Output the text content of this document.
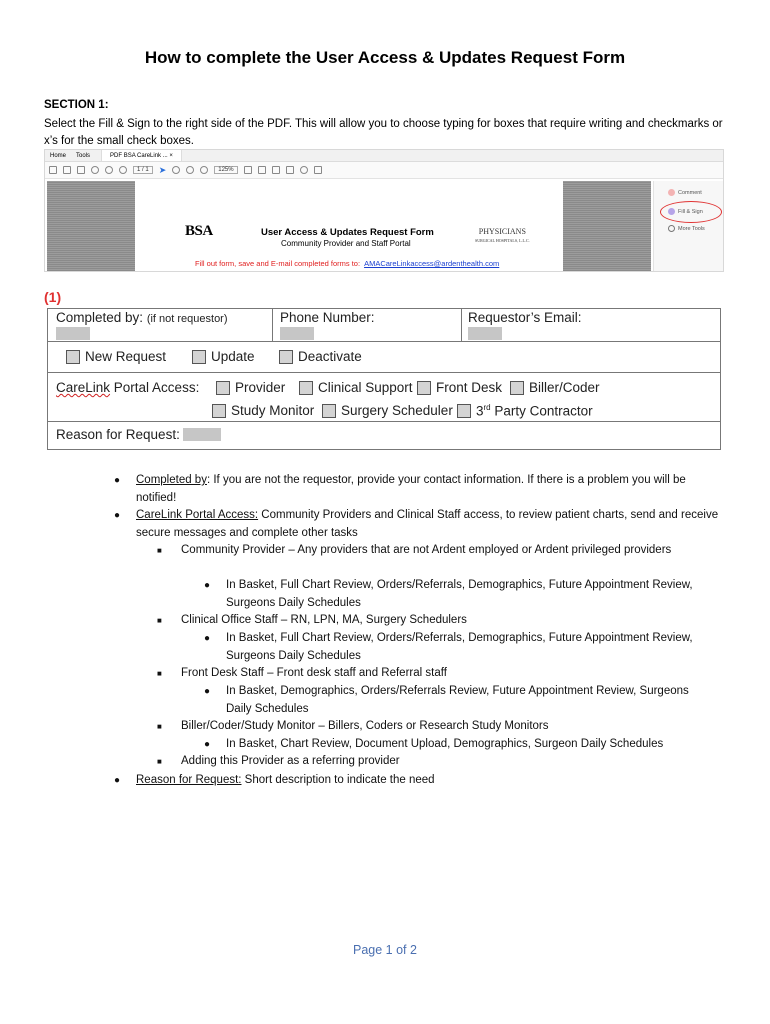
How to complete the User Access & Updates Request Form
SECTION 1:
Select the Fill & Sign to the right side of the PDF. This will allow you to choose typing for boxes that require writing and checkmarks or x’s for the small check boxes.
Home	Tools	PDF BSA CareLink ... ×
1 / 1	➤	125%
BSA	User Access & Updates Request Form
Community Provider and Staff Portal
PHYSICIANS
SURGICAL HOSPITALS, L.L.C.
Fill out form, save and E-mail completed forms to: AMACareLinkaccess@ardenthealth.com
Comment
Fill & Sign
More Tools
(1)
Completed by: (if not requestor)	Phone Number:	Requestor’s Email:
New Request	Update	Deactivate
CareLink Portal Access:	Provider Clinical Support Front Desk Biller/Coder
Study Monitor Surgery Scheduler 3rd Party Contractor
Reason for Request:
● Completed by: If you are not the requestor, provide your contact information. If there is a problem you will be notified!
● CareLink Portal Access: Community Providers and Clinical Staff access, to review patient charts, send and receive secure messages and complete other tasks
■ Community Provider – Any providers that are not Ardent employed or Ardent privileged providers
● In Basket, Full Chart Review, Orders/Referrals, Demographics, Future Appointment Review, Surgeons Daily Schedules
■ Clinical Office Staff – RN, LPN, MA, Surgery Schedulers
● In Basket, Full Chart Review, Orders/Referrals, Demographics, Future Appointment Review, Surgeons Daily Schedules
■ Front Desk Staff – Front desk staff and Referral staff
● In Basket, Demographics, Orders/Referrals Review, Future Appointment Review, Surgeons Daily Schedules
■ Biller/Coder/Study Monitor – Billers, Coders or Research Study Monitors
● In Basket, Chart Review, Document Upload, Demographics, Surgeon Daily Schedules
■ Adding this Provider as a referring provider
● Reason for Request: Short description to indicate the need
Page 1 of 2
